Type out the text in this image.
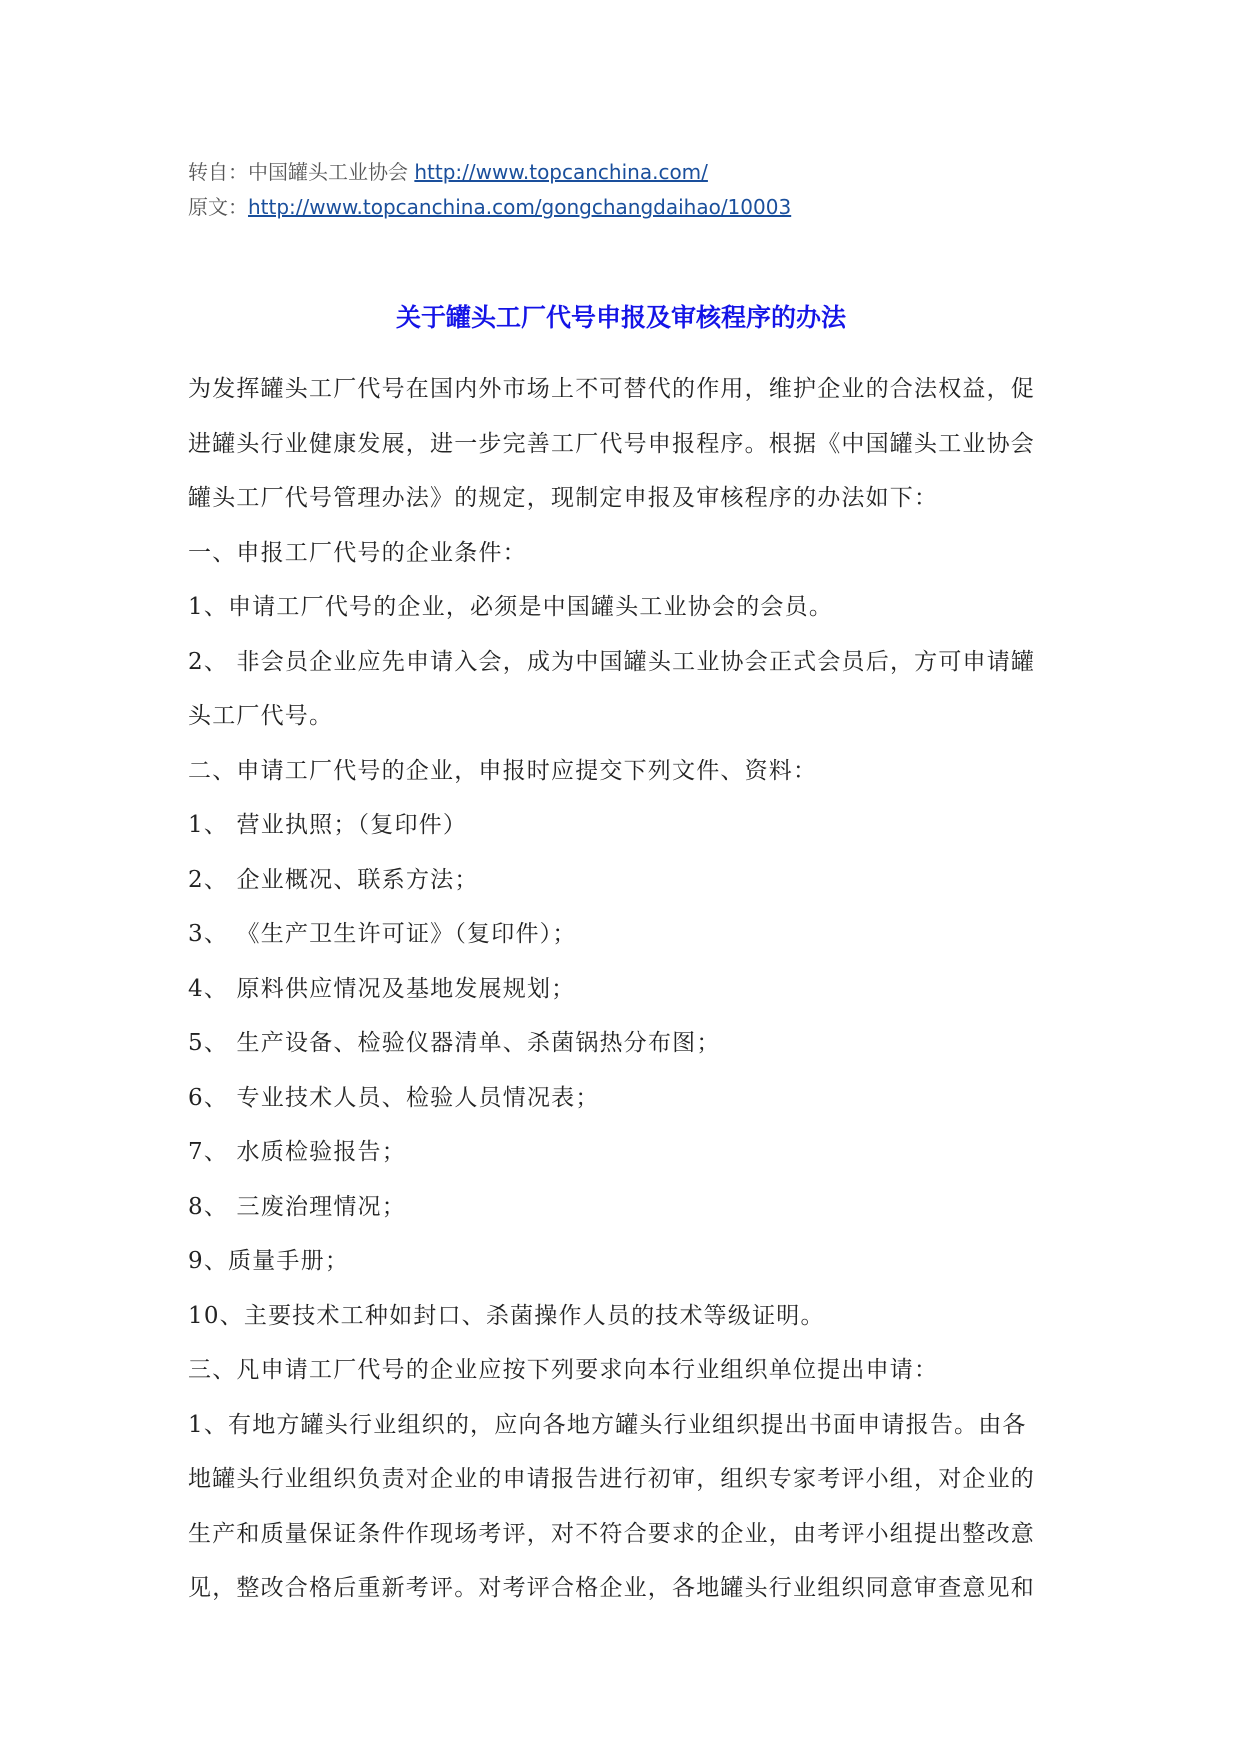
转自：中国罐头工业协会 http://www.topcanchina.com/
原文：http://www.topcanchina.com/gongchangdaihao/10003
关于罐头工厂代号申报及审核程序的办法

为发挥罐头工厂代号在国内外市场上不可替代的作用，维护企业的合法权益，促

进罐头行业健康发展，进一步完善工厂代号申报程序。根据《中国罐头工业协会

罐头工厂代号管理办法》的规定，现制定申报及审核程序的办法如下：

一、申报工厂代号的企业条件：

1、申请工厂代号的企业，必须是中国罐头工业协会的会员。

2、 非会员企业应先申请入会，成为中国罐头工业协会正式会员后，方可申请罐

头工厂代号。

二、申请工厂代号的企业，申报时应提交下列文件、资料：

1、 营业执照；（复印件）

2、 企业概况、联系方法；

3、 《生产卫生许可证》（复印件）；

4、 原料供应情况及基地发展规划；

5、 生产设备、检验仪器清单、杀菌锅热分布图；

6、 专业技术人员、检验人员情况表；

7、 水质检验报告；

8、 三废治理情况；

9、质量手册；

10、主要技术工种如封口、杀菌操作人员的技术等级证明。

三、凡申请工厂代号的企业应按下列要求向本行业组织单位提出申请：

1、有地方罐头行业组织的，应向各地方罐头行业组织提出书面申请报告。由各

地罐头行业组织负责对企业的申请报告进行初审，组织专家考评小组，对企业的

生产和质量保证条件作现场考评，对不符合要求的企业，由考评小组提出整改意

见，整改合格后重新考评。对考评合格企业，各地罐头行业组织同意审查意见和
